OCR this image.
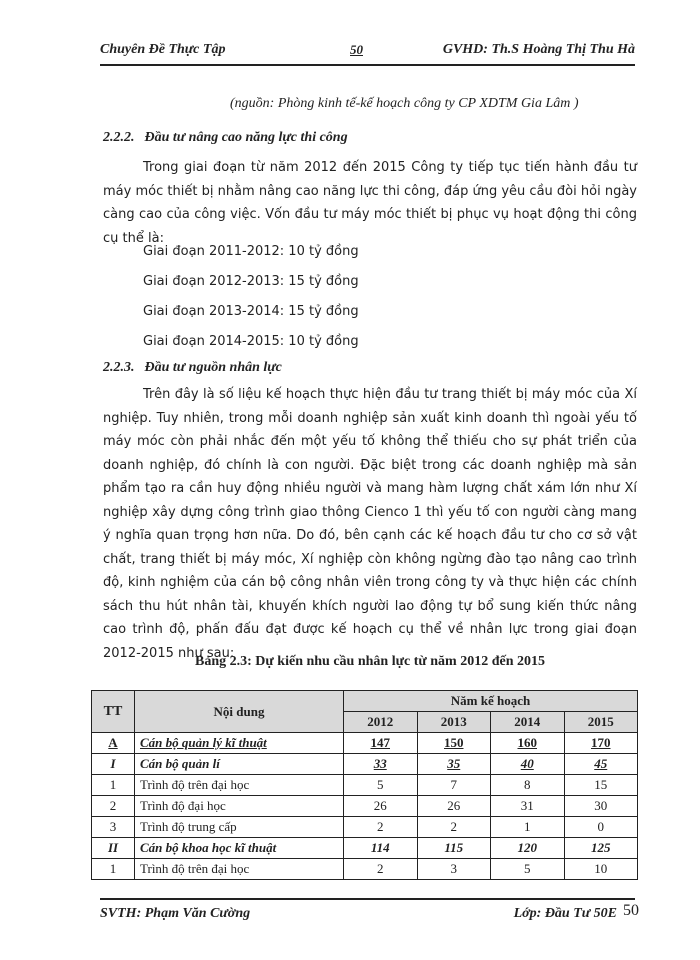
Chuyên Đề Thực Tập	50	GVHD: Th.S Hoàng Thị Thu Hà
(nguồn: Phòng kinh tế-kế hoạch công ty CP XDTM Gia Lâm )
2.2.2. Đầu tư nâng cao năng lực thi công
Trong giai đoạn từ năm 2012 đến 2015 Công ty tiếp tục tiến hành đầu tư máy móc thiết bị nhằm nâng cao năng lực thi công, đáp ứng yêu cầu đòi hỏi ngày càng cao của công việc. Vốn đầu tư máy móc thiết bị phục vụ hoạt động thi công cụ thể là:
Giai đoạn 2011-2012: 10 tỷ đồng
Giai đoạn 2012-2013: 15 tỷ đồng
Giai đoạn 2013-2014: 15 tỷ đồng
Giai đoạn 2014-2015: 10 tỷ đồng
2.2.3. Đầu tư nguồn nhân lực
Trên đây là số liệu kế hoạch thực hiện đầu tư trang thiết bị máy móc của Xí nghiệp. Tuy nhiên, trong mỗi doanh nghiệp sản xuất kinh doanh thì ngoài yếu tố máy móc còn phải nhắc đến một yếu tố không thể thiếu cho sự phát triển của doanh nghiệp, đó chính là con người. Đặc biệt trong các doanh nghiệp mà sản phẩm tạo ra cần huy động nhiều người và mang hàm lượng chất xám lớn như Xí nghiệp xây dựng công trình giao thông Cienco 1 thì yếu tố con người càng mang ý nghĩa quan trọng hơn nữa. Do đó, bên cạnh các kế hoạch đầu tư cho cơ sở vật chất, trang thiết bị máy móc, Xí nghiệp còn không ngừng đào tạo nâng cao trình độ, kinh nghiệm của cán bộ công nhân viên trong công ty và thực hiện các chính sách thu hút nhân tài, khuyến khích người lao động tự bổ sung kiến thức nâng cao trình độ, phấn đấu đạt được kế hoạch cụ thể về nhân lực trong giai đoạn 2012-2015 như sau:
Bảng 2.3: Dự kiến nhu cầu nhân lực từ năm 2012 đến 2015
TT	Nội dung	Năm kế hoạch			
		2012	2013	2014	2015
A	Cán bộ quản lý kĩ thuật	147	150	160	170
I	Cán bộ quản lí	33	35	40	45
1	Trình độ trên đại học	5	7	8	15
2	Trình độ đại học	26	26	31	30
3	Trình độ trung cấp	2	2	1	0
II	Cán bộ khoa học kĩ thuật	114	115	120	125
1	Trình độ trên đại học	2	3	5	10
SVTH: Phạm Văn Cường	Lớp: Đầu Tư 50E 50
